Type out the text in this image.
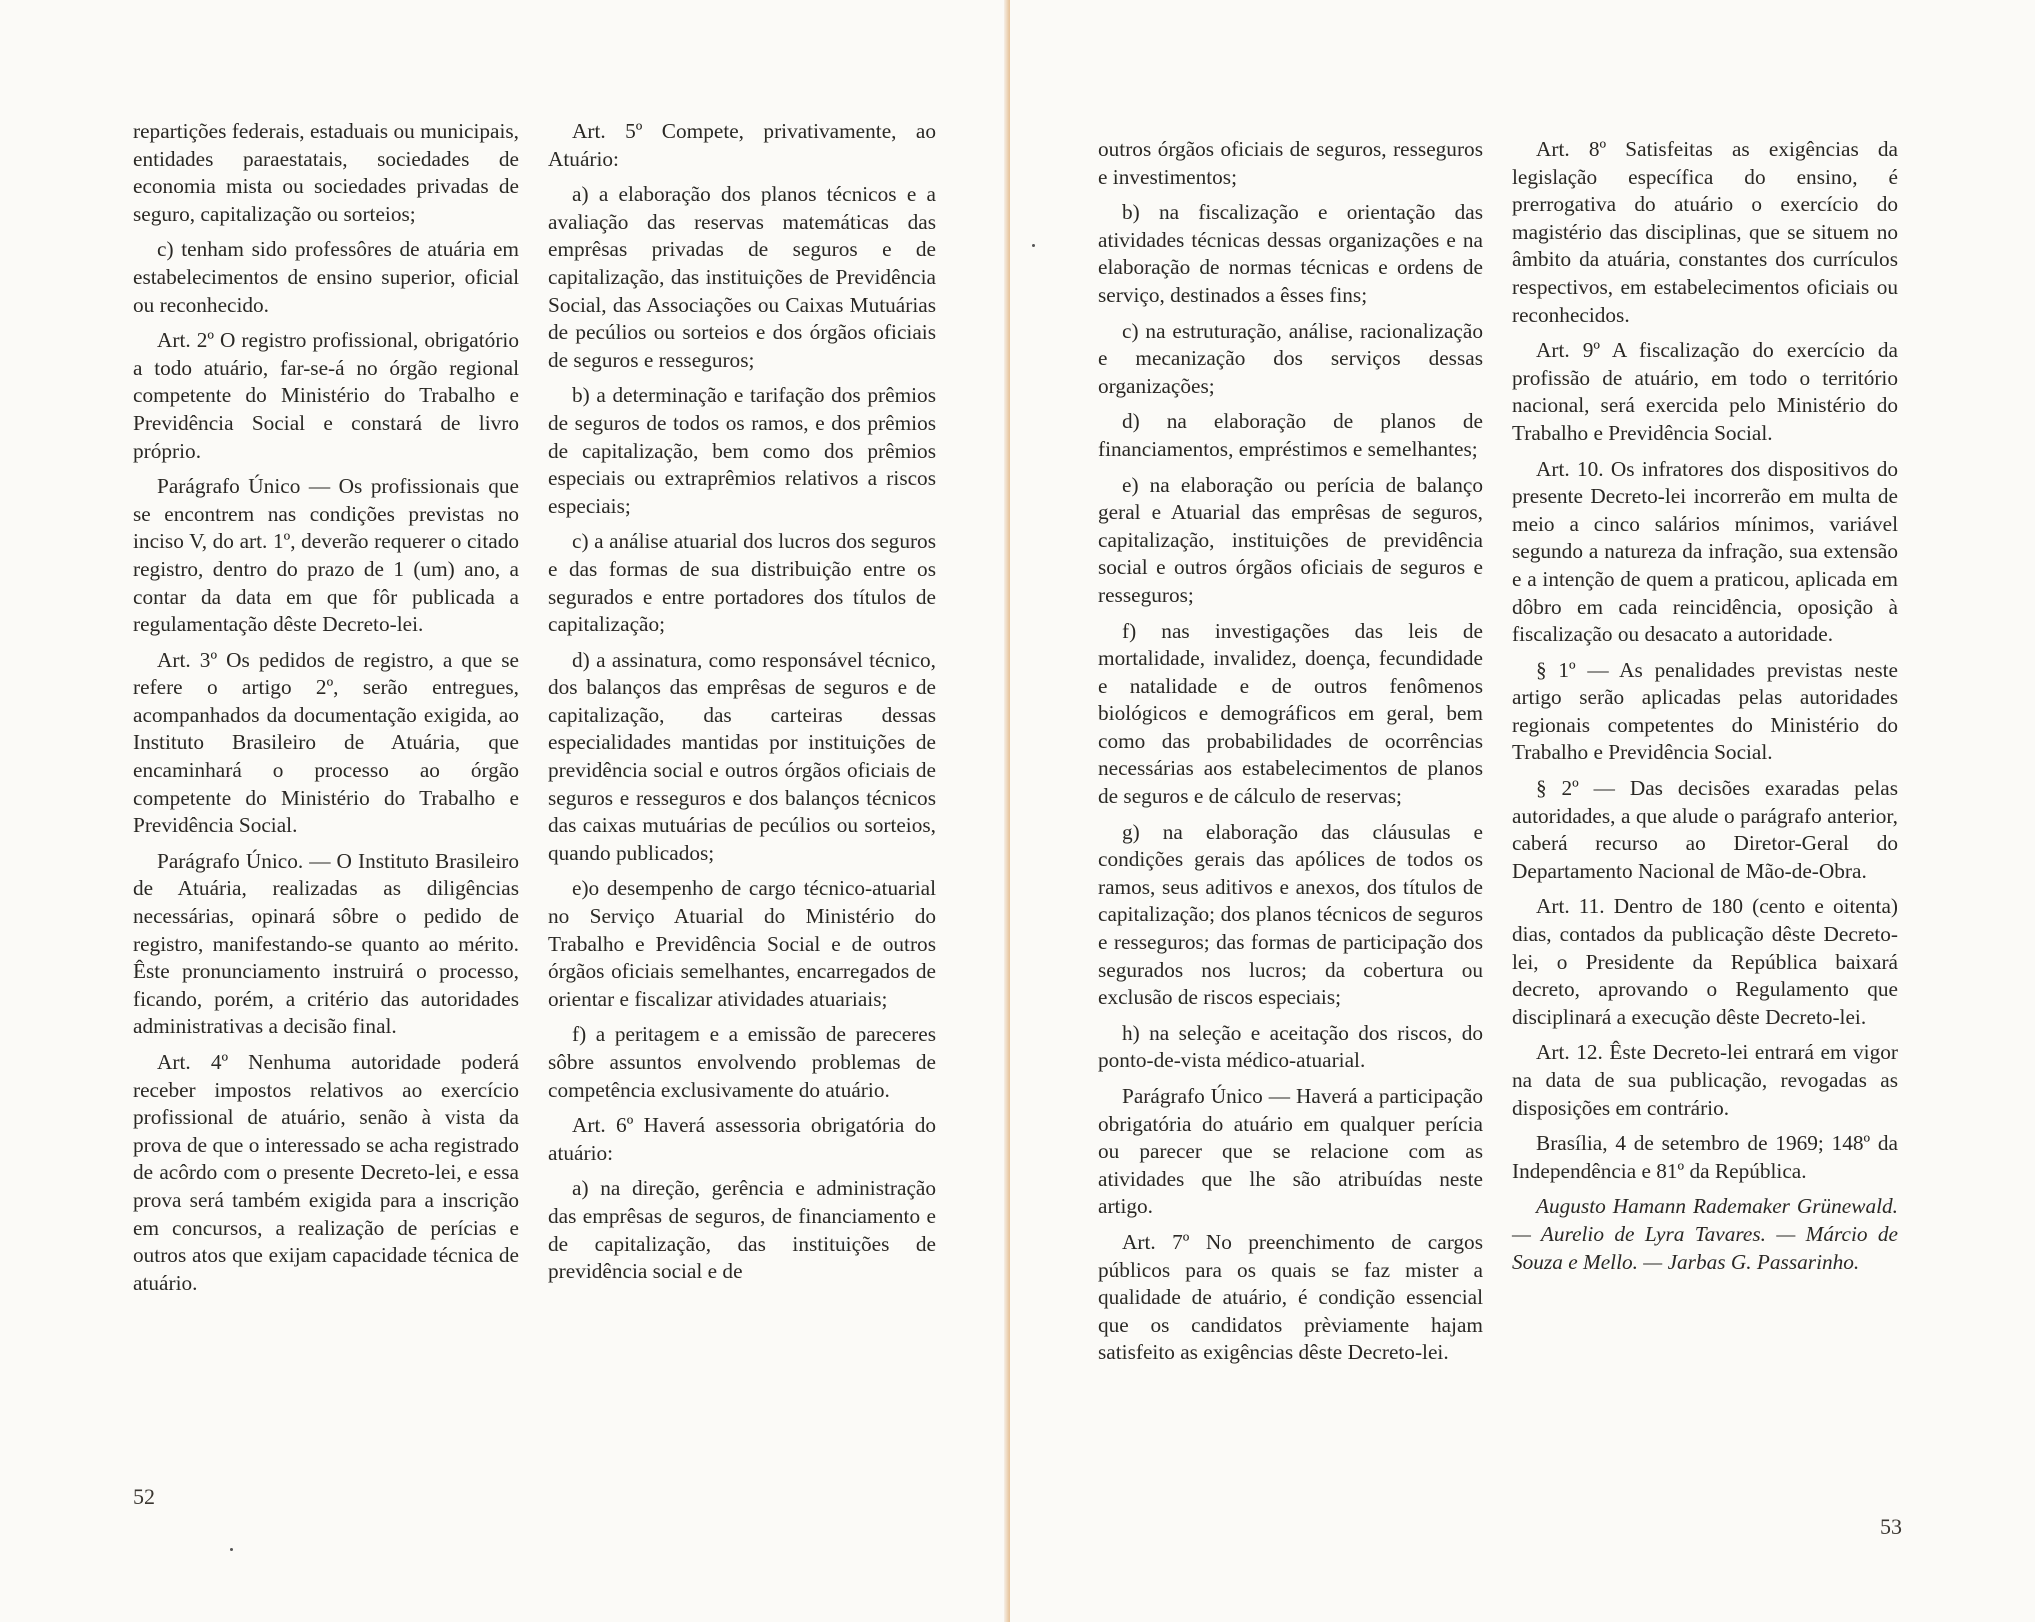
repartições federais, estaduais ou municipais, entidades paraestatais, sociedades de economia mista ou sociedades privadas de seguro, capitalização ou sorteios;

c) tenham sido professôres de atuária em estabelecimentos de ensino superior, oficial ou reconhecido.

Art. 2º O registro profissional, obrigatório a todo atuário, far-se-á no órgão regional competente do Ministério do Trabalho e Previdência Social e constará de livro próprio.

Parágrafo Único — Os profissionais que se encontrem nas condições previstas no inciso V, do art. 1º, deverão requerer o citado registro, dentro do prazo de 1 (um) ano, a contar da data em que fôr publicada a regulamentação dêste Decreto-lei.

Art. 3º Os pedidos de registro, a que se refere o artigo 2º, serão entregues, acompanhados da documentação exigida, ao Instituto Brasileiro de Atuária, que encaminhará o processo ao órgão competente do Ministério do Trabalho e Previdência Social.

Parágrafo Único. — O Instituto Brasileiro de Atuária, realizadas as diligências necessárias, opinará sôbre o pedido de registro, manifestando-se quanto ao mérito. Êste pronunciamento instruirá o processo, ficando, porém, a critério das autoridades administrativas a decisão final.

Art. 4º Nenhuma autoridade poderá receber impostos relativos ao exercício profissional de atuário, senão à vista da prova de que o interessado se acha registrado de acôrdo com o presente Decreto-lei, e essa prova será também exigida para a inscrição em concursos, a realização de perícias e outros atos que exijam capacidade técnica de atuário.

Art. 5º Compete, privativamente, ao Atuário:

a) a elaboração dos planos técnicos e a avaliação das reservas matemáticas das emprêsas privadas de seguros e de capitalização, das instituições de Previdência Social, das Associações ou Caixas Mutuárias de pecúlios ou sorteios e dos órgãos oficiais de seguros e resseguros;

b) a determinação e tarifação dos prêmios de seguros de todos os ramos, e dos prêmios de capitalização, bem como dos prêmios especiais ou extraprêmios relativos a riscos especiais;

c) a análise atuarial dos lucros dos seguros e das formas de sua distribuição entre os segurados e entre portadores dos títulos de capitalização;

d) a assinatura, como responsável técnico, dos balanços das emprêsas de seguros e de capitalização, das carteiras dessas especialidades mantidas por instituições de previdência social e outros órgãos oficiais de seguros e resseguros e dos balanços técnicos das caixas mutuárias de pecúlios ou sorteios, quando publicados;

e)o desempenho de cargo técnico-atuarial no Serviço Atuarial do Ministério do Trabalho e Previdência Social e de outros órgãos oficiais semelhantes, encarregados de orientar e fiscalizar atividades atuariais;

f) a peritagem e a emissão de pareceres sôbre assuntos envolvendo problemas de competência exclusivamente do atuário.

Art. 6º Haverá assessoria obrigatória do atuário:

a) na direção, gerência e administração das emprêsas de seguros, de financiamento e de capitalização, das instituições de previdência social e de

52

outros órgãos oficiais de seguros, resseguros e investimentos;

b) na fiscalização e orientação das atividades técnicas dessas organizações e na elaboração de normas técnicas e ordens de serviço, destinados a êsses fins;

c) na estruturação, análise, racionalização e mecanização dos serviços dessas organizações;

d) na elaboração de planos de financiamentos, empréstimos e semelhantes;

e) na elaboração ou perícia de balanço geral e Atuarial das emprêsas de seguros, capitalização, instituições de previdência social e outros órgãos oficiais de seguros e resseguros;

f) nas investigações das leis de mortalidade, invalidez, doença, fecundidade e natalidade e de outros fenômenos biológicos e demográficos em geral, bem como das probabilidades de ocorrências necessárias aos estabelecimentos de planos de seguros e de cálculo de reservas;

g) na elaboração das cláusulas e condições gerais das apólices de todos os ramos, seus aditivos e anexos, dos títulos de capitalização; dos planos técnicos de seguros e resseguros; das formas de participação dos segurados nos lucros; da cobertura ou exclusão de riscos especiais;

h) na seleção e aceitação dos riscos, do ponto-de-vista médico-atuarial.

Parágrafo Único — Haverá a participação obrigatória do atuário em qualquer perícia ou parecer que se relacione com as atividades que lhe são atribuídas neste artigo.

Art. 7º No preenchimento de cargos públicos para os quais se faz mister a qualidade de atuário, é condição essencial que os candidatos prèviamente hajam satisfeito as exigências dêste Decreto-lei.

Art. 8º Satisfeitas as exigências da legislação específica do ensino, é prerrogativa do atuário o exercício do magistério das disciplinas, que se situem no âmbito da atuária, constantes dos currículos respectivos, em estabelecimentos oficiais ou reconhecidos.

Art. 9º A fiscalização do exercício da profissão de atuário, em todo o território nacional, será exercida pelo Ministério do Trabalho e Previdência Social.

Art. 10. Os infratores dos dispositivos do presente Decreto-lei incorrerão em multa de meio a cinco salários mínimos, variável segundo a natureza da infração, sua extensão e a intenção de quem a praticou, aplicada em dôbro em cada reincidência, oposição à fiscalização ou desacato a autoridade.

§ 1º — As penalidades previstas neste artigo serão aplicadas pelas autoridades regionais competentes do Ministério do Trabalho e Previdência Social.

§ 2º — Das decisões exaradas pelas autoridades, a que alude o parágrafo anterior, caberá recurso ao Diretor-Geral do Departamento Nacional de Mão-de-Obra.

Art. 11. Dentro de 180 (cento e oitenta) dias, contados da publicação dêste Decreto-lei, o Presidente da República baixará decreto, aprovando o Regulamento que disciplinará a execução dêste Decreto-lei.

Art. 12. Êste Decreto-lei entrará em vigor na data de sua publicação, revogadas as disposições em contrário.

Brasília, 4 de setembro de 1969; 148º da Independência e 81º da República.

Augusto Hamann Rademaker Grünewald. — Aurelio de Lyra Tavares. — Márcio de Souza e Mello. — Jarbas G. Passarinho.

53
